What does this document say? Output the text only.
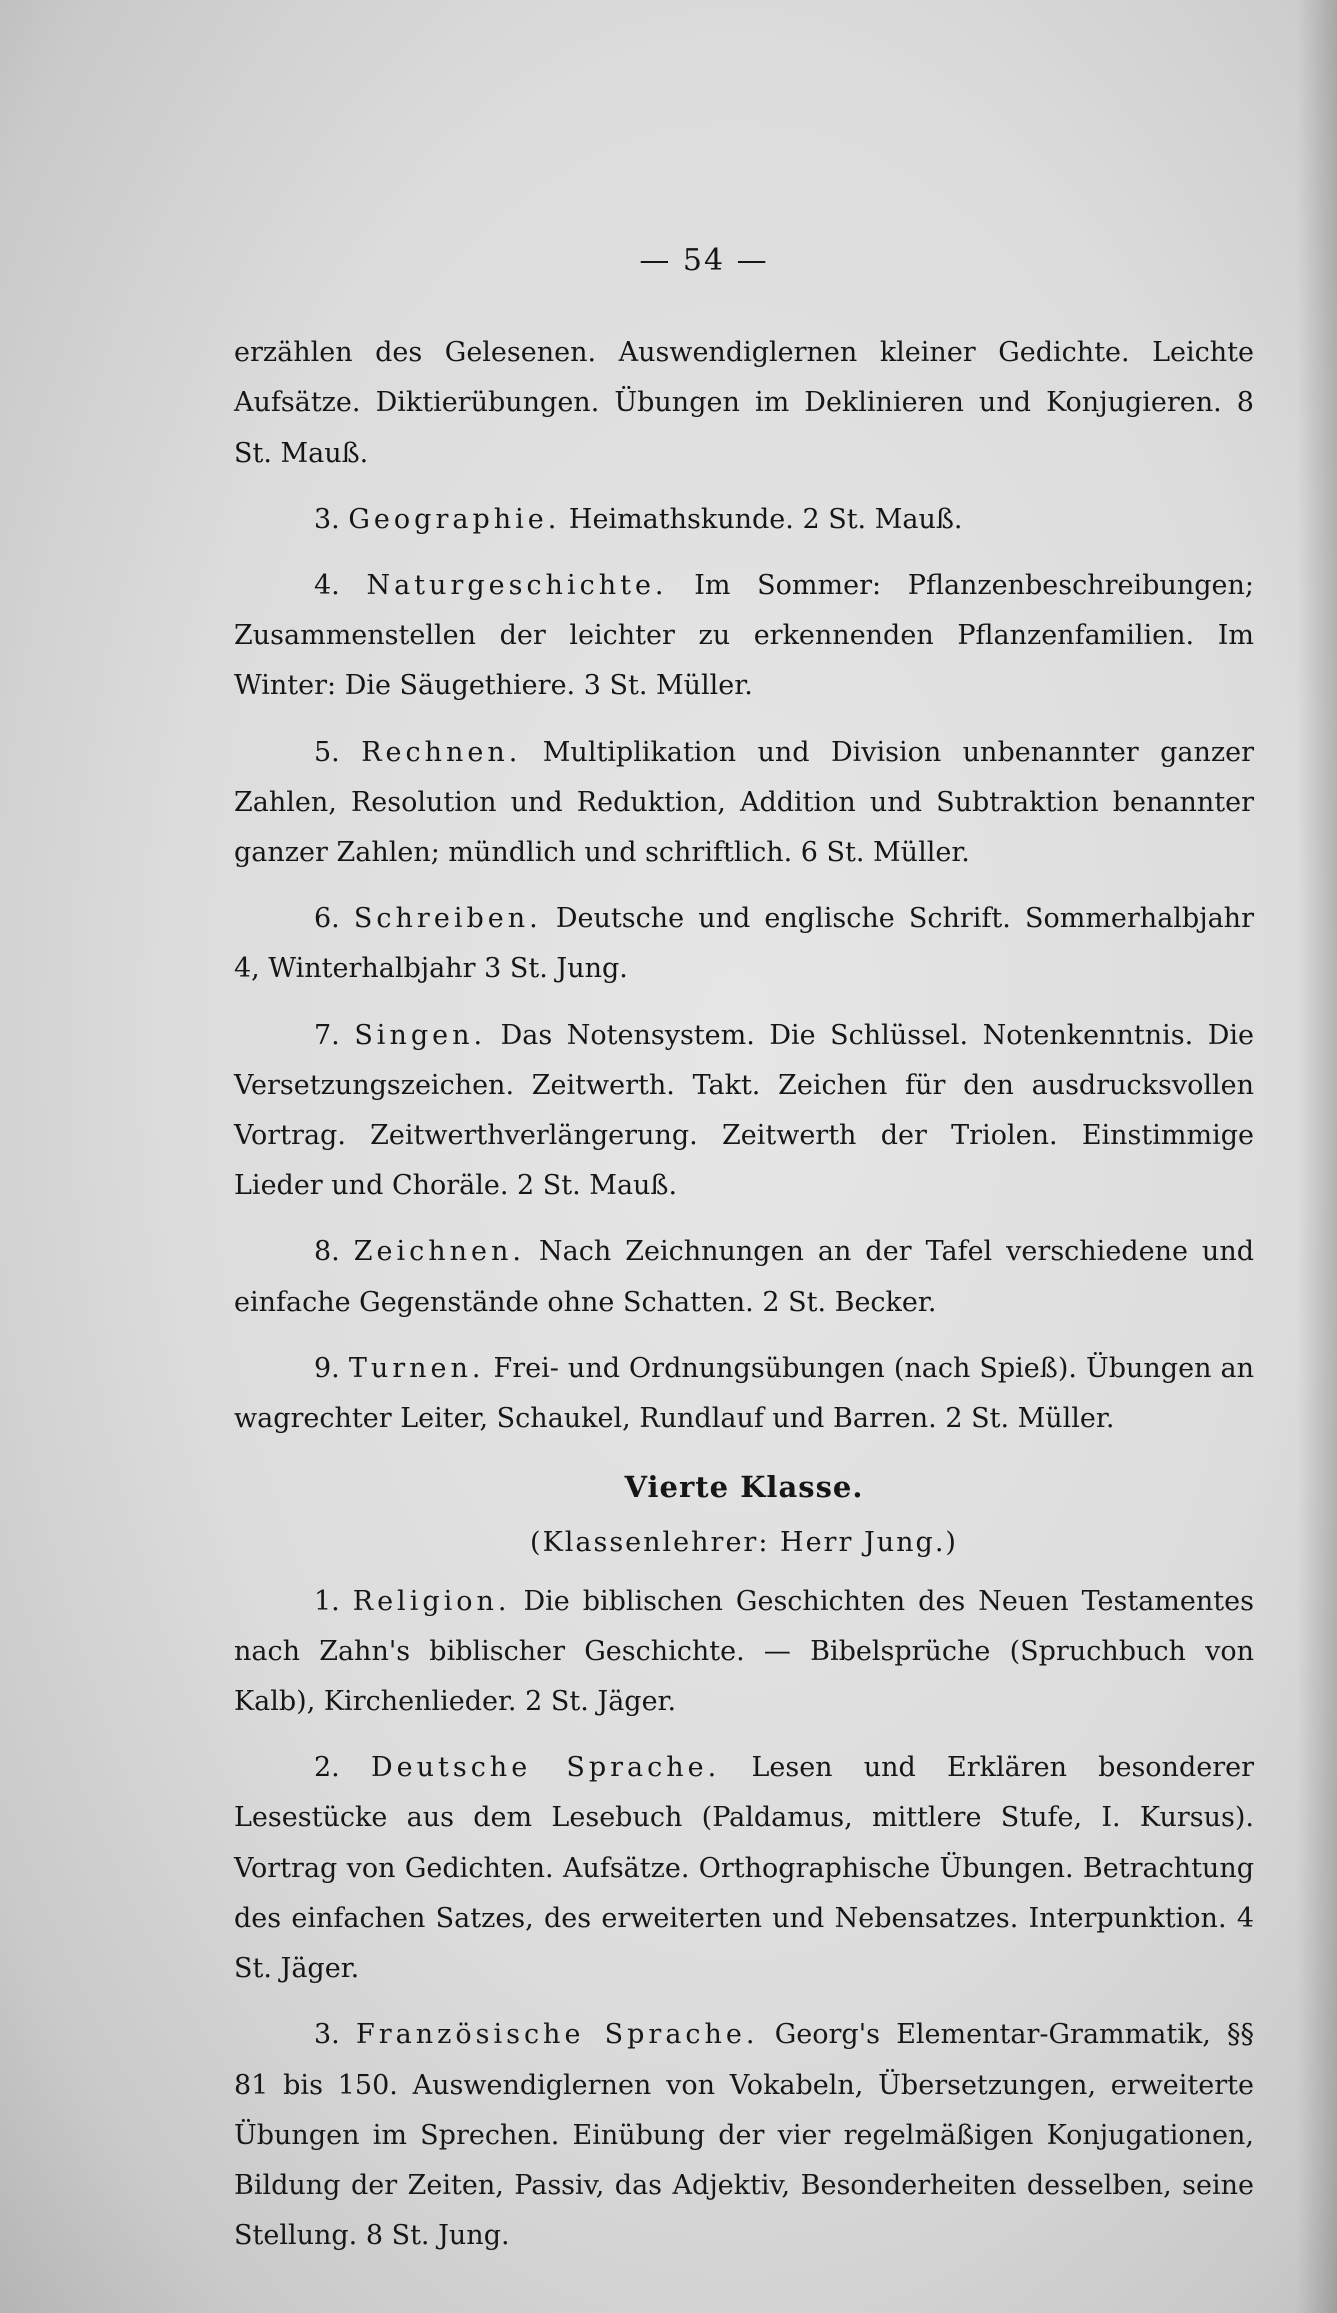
— 54 —
erzählen des Gelesenen. Auswendiglernen kleiner Gedichte. Leichte Aufsätze. Diktierübungen. Übungen im Deklinieren und Konjugieren. 8 St. Mauß.
3. Geographie. Heimathskunde. 2 St. Mauß.
4. Naturgeschichte. Im Sommer: Pflanzenbeschreibungen; Zusammenstellen der leichter zu erkennenden Pflanzenfamilien. Im Winter: Die Säugethiere. 3 St. Müller.
5. Rechnen. Multiplikation und Division unbenannter ganzer Zahlen, Resolution und Reduktion, Addition und Subtraktion benannter ganzer Zahlen; mündlich und schriftlich. 6 St. Müller.
6. Schreiben. Deutsche und englische Schrift. Sommerhalbjahr 4, Winterhalbjahr 3 St. Jung.
7. Singen. Das Notensystem. Die Schlüssel. Notenkenntnis. Die Versetzungszeichen. Zeitwerth. Takt. Zeichen für den ausdrucksvollen Vortrag. Zeitwerthverlängerung. Zeitwerth der Triolen. Einstimmige Lieder und Choräle. 2 St. Mauß.
8. Zeichnen. Nach Zeichnungen an der Tafel verschiedene und einfache Gegenstände ohne Schatten. 2 St. Becker.
9. Turnen. Frei- und Ordnungsübungen (nach Spieß). Übungen an wagrechter Leiter, Schaukel, Rundlauf und Barren. 2 St. Müller.
Vierte Klasse.
(Klassenlehrer: Herr Jung.)
1. Religion. Die biblischen Geschichten des Neuen Testamentes nach Zahn's biblischer Geschichte. — Bibelsprüche (Spruchbuch von Kalb), Kirchenlieder. 2 St. Jäger.
2. Deutsche Sprache. Lesen und Erklären besonderer Lesestücke aus dem Lesebuch (Paldamus, mittlere Stufe, I. Kursus). Vortrag von Gedichten. Aufsätze. Orthographische Übungen. Betrachtung des einfachen Satzes, des erweiterten und Nebensatzes. Interpunktion. 4 St. Jäger.
3. Französische Sprache. Georg's Elementar-Grammatik, §§ 81 bis 150. Auswendiglernen von Vokabeln, Übersetzungen, erweiterte Übungen im Sprechen. Einübung der vier regelmäßigen Konjugationen, Bildung der Zeiten, Passiv, das Adjektiv, Besonderheiten desselben, seine Stellung. 8 St. Jung.
